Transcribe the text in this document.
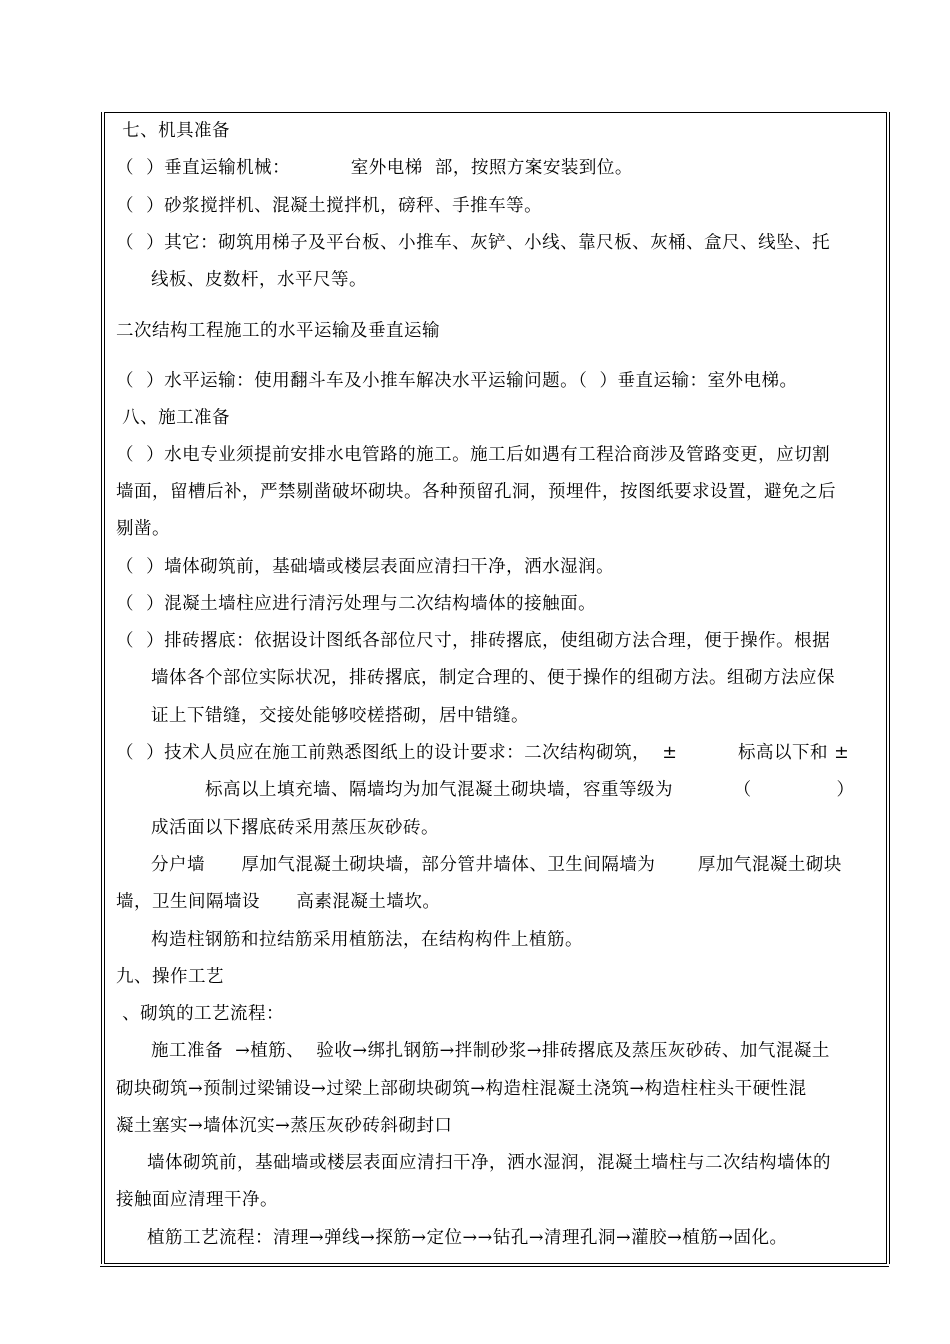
七、机具准备
（  ）垂直运输机械：          室外电梯  部，按照方案安装到位。
（  ）砂浆搅拌机、混凝土搅拌机，磅秤、手推车等。
（  ）其它：砌筑用梯子及平台板、小推车、灰铲、小线、靠尺板、灰桶、盒尺、线坠、托
线板、皮数杆，水平尺等。
二次结构工程施工的水平运输及垂直运输
（  ）水平运输：使用翻斗车及小推车解决水平运输问题。（  ）垂直运输：室外电梯。
八、施工准备
（  ）水电专业须提前安排水电管路的施工。施工后如遇有工程洽商涉及管路变更，应切割
墙面，留槽后补，严禁剔凿破坏砌块。各种预留孔洞，预埋件，按图纸要求设置，避免之后
剔凿。
（  ）墙体砌筑前，基础墙或楼层表面应清扫干净，洒水湿润。
（  ）混凝土墙柱应进行清污处理与二次结构墙体的接触面。
（  ）排砖撂底：依据设计图纸各部位尺寸，排砖撂底，使组砌方法合理，便于操作。根据
墙体各个部位实际状况，排砖撂底，制定合理的、便于操作的组砌方法。组砌方法应保
证上下错缝，交接处能够咬槎搭砌，居中错缝。
（  ）技术人员应在施工前熟悉图纸上的设计要求：二次结构砌筑，  ±          标高以下和 ±
标高以上填充墙、隔墙均为加气混凝土砌块墙，容重等级为          （              ）
成活面以下撂底砖采用蒸压灰砂砖。
分户墙      厚加气混凝土砌块墙，部分管井墙体、卫生间隔墙为       厚加气混凝土砌块
墙，卫生间隔墙设      高素混凝土墙坎。
构造柱钢筋和拉结筋采用植筋法，在结构构件上植筋。
九、操作工艺
、砌筑的工艺流程：
施工准备  →植筋、  验收→绑扎钢筋→拌制砂浆→排砖撂底及蒸压灰砂砖、加气混凝土
砌块砌筑→预制过梁铺设→过梁上部砌块砌筑→构造柱混凝土浇筑→构造柱柱头干硬性混
凝土塞实→墙体沉实→蒸压灰砂砖斜砌封口
墙体砌筑前，基础墙或楼层表面应清扫干净，洒水湿润，混凝土墙柱与二次结构墙体的
接触面应清理干净。
植筋工艺流程：清理→弹线→探筋→定位→→钻孔→清理孔洞→灌胶→植筋→固化。
